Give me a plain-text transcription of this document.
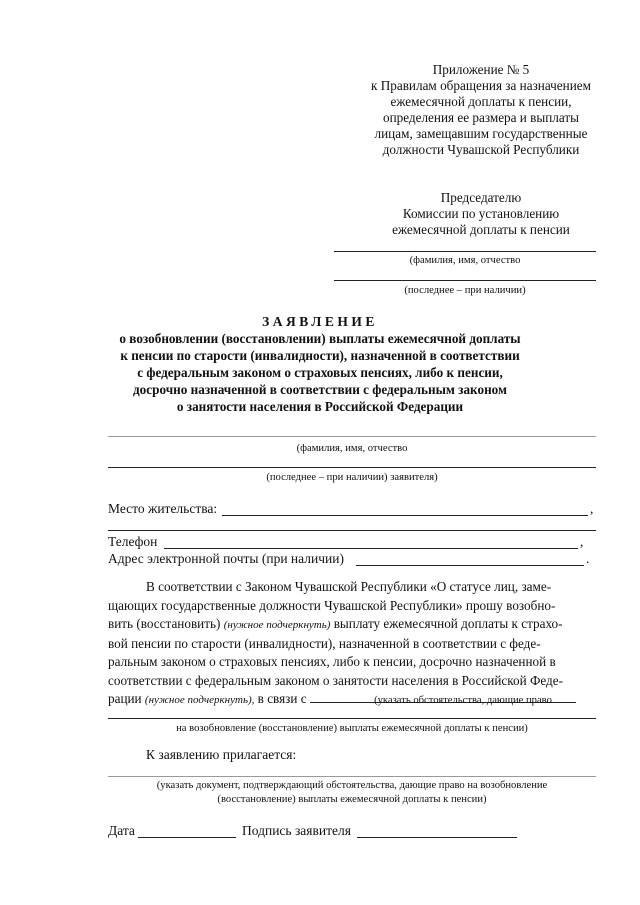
Приложение № 5
к Правилам обращения за назначением
ежемесячной доплаты к пенсии,
определения ее размера и выплаты
лицам, замещавшим государственные
должности Чувашской Республики
Председателю
Комиссии по установлению
ежемесячной доплаты к пенсии
(фамилия, имя, отчество
(последнее – при наличии)
ЗАЯВЛЕНИЕ
о возобновлении (восстановлении) выплаты ежемесячной доплаты
к пенсии по старости (инвалидности), назначенной в соответствии
с федеральным законом о страховых пенсиях, либо к пенсии,
досрочно назначенной в соответствии с федеральным законом
о занятости населения в Российской Федерации
(фамилия, имя, отчество
(последнее – при наличии) заявителя)
Место жительства:	,
Телефон	,
Адрес электронной почты (при наличии)	.

В соответствии с Законом Чувашской Республики «О статусе лиц, заме-

щающих государственные должности Чувашской Республики» прошу возобно-

вить (восстановить) (нужное подчеркнуть) выплату ежемесячной доплаты к страхо-

вой пенсии по старости (инвалидности), назначенной в соответствии с феде-

ральным законом о страховых пенсиях, либо к пенсии, досрочно назначенной в

соответствии с федеральным законом о занятости населения в Российской Феде-

рации (нужное подчеркнуть), в связи с	(указать обстоятельства, дающие право
на возобновление (восстановление) выплаты ежемесячной доплаты к пенсии)
К заявлению прилагается:
(указать документ, подтверждающий обстоятельства, дающие право на возобновление
(восстановление) выплаты ежемесячной доплаты к пенсии)
Дата	Подпись заявителя
